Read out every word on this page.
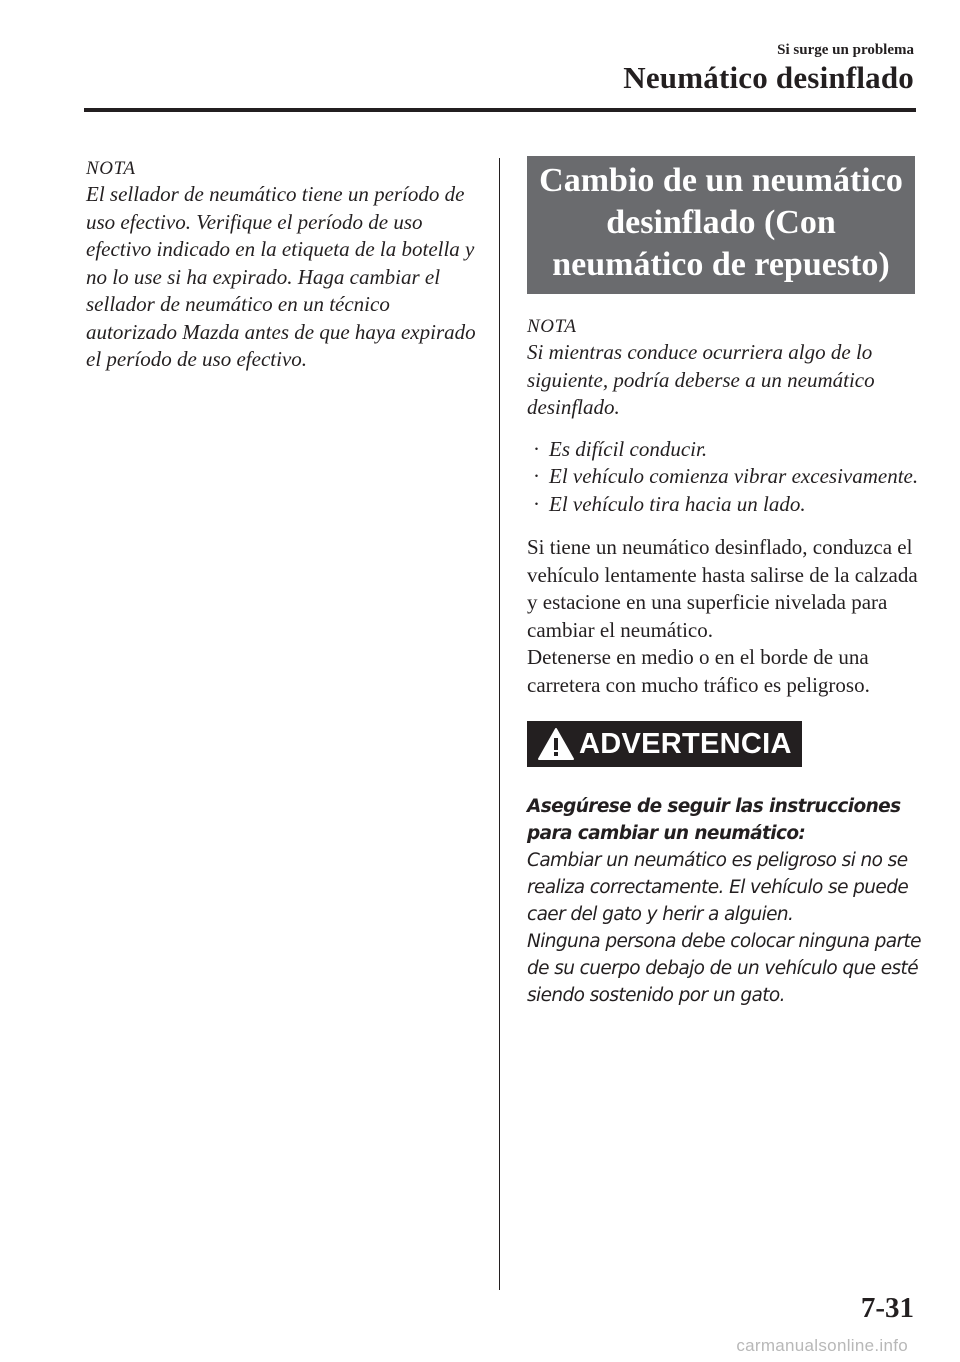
Si surge un problema
Neumático desinflado
NOTA

El sellador de neumático tiene un período de uso efectivo. Verifique el período de uso efectivo indicado en la etiqueta de la botella y no lo use si ha expirado. Haga cambiar el sellador de neumático en un técnico autorizado Mazda antes de que haya expirado el período de uso efectivo.

Cambio de un neumático desinflado (Con neumático de repuesto)
NOTA

Si mientras conduce ocurriera algo de lo siguiente, podría deberse a un neumático desinflado.

· Es difícil conducir.
· El vehículo comienza vibrar excesivamente.
· El vehículo tira hacia un lado.

Si tiene un neumático desinflado, conduzca el vehículo lentamente hasta salirse de la calzada y estacione en una superficie nivelada para cambiar el neumático.
Detenerse en medio o en el borde de una carretera con mucho tráfico es peligroso.

ADVERTENCIA
Asegúrese de seguir las instrucciones para cambiar un neumático:
Cambiar un neumático es peligroso si no se realiza correctamente. El vehículo se puede caer del gato y herir a alguien.
Ninguna persona debe colocar ninguna parte de su cuerpo debajo de un vehículo que esté siendo sostenido por un gato.
7-31
carmanualsonline.info
